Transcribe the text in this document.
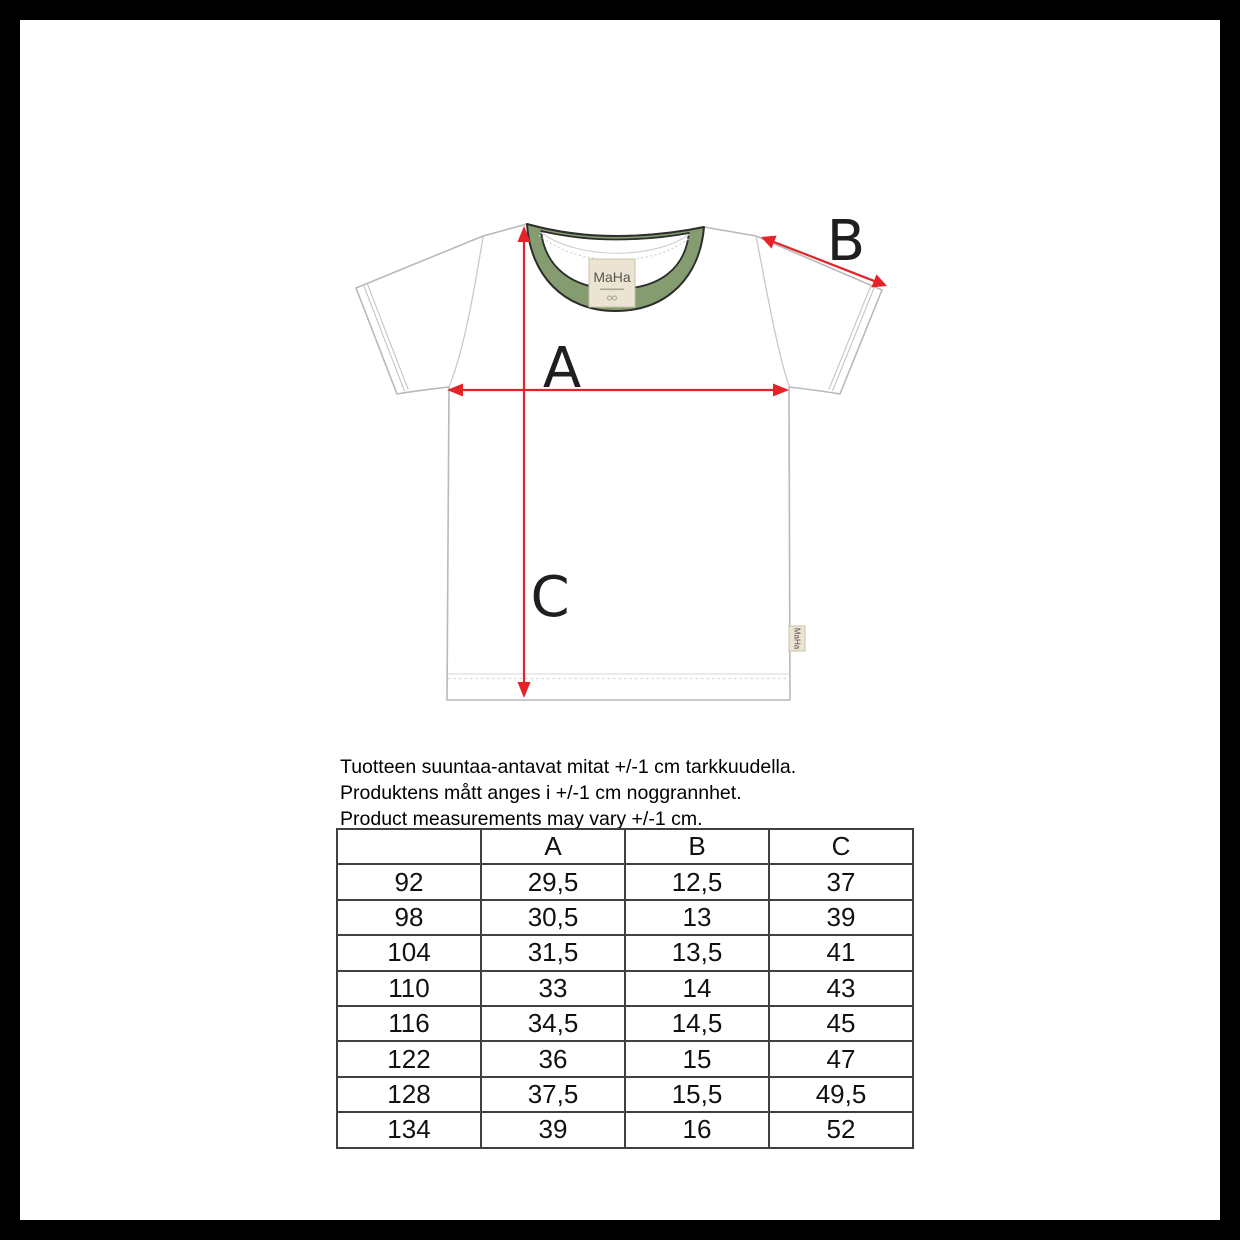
MaHa
MaHa
A
B
C
Tuotteen suuntaa-antavat mitat +/-1 cm tarkkuudella.
Produktens mått anges i +/-1 cm noggrannhet.
Product measurements may vary +/-1 cm.
	A	B	C
92	29,5	12,5	37
98	30,5	13	39
104	31,5	13,5	41
110	33	14	43
116	34,5	14,5	45
122	36	15	47
128	37,5	15,5	49,5
134	39	16	52
